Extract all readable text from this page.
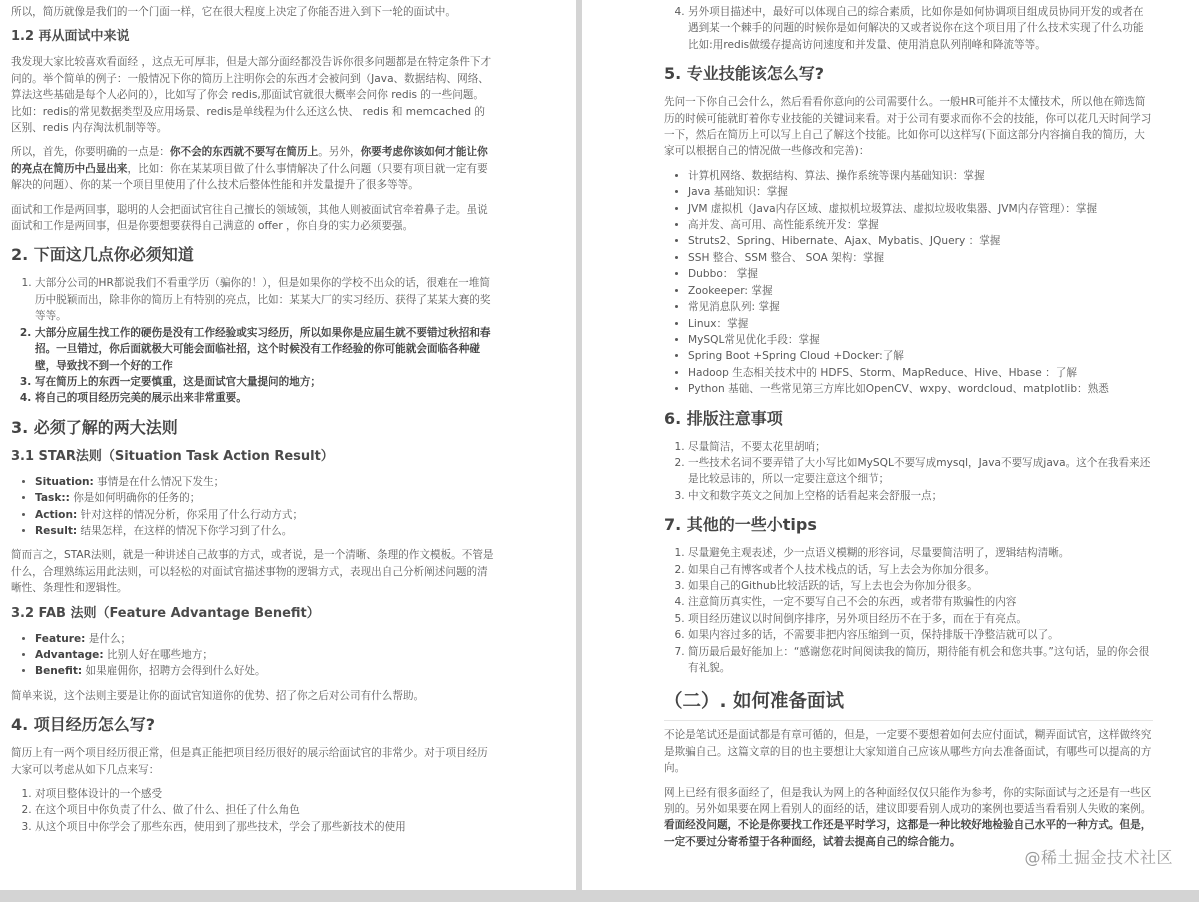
所以，简历就像是我们的一个门面一样，它在很大程度上决定了你能否进入到下一轮的面试中。

1.2 再从面试中来说

我发现大家比较喜欢看面经 ，这点无可厚非，但是大部分面经都没告诉你很多问题都是在特定条件下才问的。举个简单的例子：一般情况下你的简历上注明你会的东西才会被问到（Java、数据结构、网络、算法这些基础是每个人必问的），比如写了你会 redis,那面试官就很大概率会问你 redis 的一些问题。比如：redis的常见数据类型及应用场景、redis是单线程为什么还这么快、 redis 和 memcached 的区别、redis 内存淘汰机制等等。

所以，首先，你要明确的一点是：你不会的东西就不要写在简历上。另外，你要考虑你该如何才能让你的亮点在简历中凸显出来，比如：你在某某项目做了什么事情解决了什么问题（只要有项目就一定有要解决的问题）、你的某一个项目里使用了什么技术后整体性能和并发量提升了很多等等。

面试和工作是两回事，聪明的人会把面试官往自己擅长的领域领，其他人则被面试官牵着鼻子走。虽说面试和工作是两回事，但是你要想要获得自己满意的 offer ，你自身的实力必须要强。

2. 下面这几点你必须知道
1. 大部分公司的HR都说我们不看重学历（骗你的！），但是如果你的学校不出众的话，很难在一堆简历中脱颖而出，除非你的简历上有特别的亮点，比如：某某大厂的实习经历、获得了某某大赛的奖等等。
2. 大部分应届生找工作的硬伤是没有工作经验或实习经历，所以如果你是应届生就不要错过秋招和春招。一旦错过，你后面就极大可能会面临社招，这个时候没有工作经验的你可能就会面临各种碰壁，导致找不到一个好的工作
3. 写在简历上的东西一定要慎重，这是面试官大量提问的地方；
4. 将自己的项目经历完美的展示出来非常重要。
3. 必须了解的两大法则
3.1 STAR法则（Situation Task Action Result）
• Situation: 事情是在什么情况下发生；
• Task:: 你是如何明确你的任务的；
• Action: 针对这样的情况分析，你采用了什么行动方式；
• Result: 结果怎样，在这样的情况下你学习到了什么。

简而言之，STAR法则，就是一种讲述自己故事的方式，或者说，是一个清晰、条理的作文模板。不管是什么，合理熟练运用此法则，可以轻松的对面试官描述事物的逻辑方式，表现出自己分析阐述问题的清晰性、条理性和逻辑性。

3.2 FAB 法则（Feature Advantage Benefit）
• Feature: 是什么；
• Advantage: 比别人好在哪些地方；
• Benefit: 如果雇佣你，招聘方会得到什么好处。

简单来说，这个法则主要是让你的面试官知道你的优势、招了你之后对公司有什么帮助。

4. 项目经历怎么写?

简历上有一两个项目经历很正常，但是真正能把项目经历很好的展示给面试官的非常少。对于项目经历大家可以考虑从如下几点来写：

1. 对项目整体设计的一个感受
2. 在这个项目中你负责了什么、做了什么、担任了什么角色
3. 从这个项目中你学会了那些东西，使用到了那些技术，学会了那些新技术的使用
4. 另外项目描述中，最好可以体现自己的综合素质，比如你是如何协调项目组成员协同开发的或者在遇到某一个棘手的问题的时候你是如何解决的又或者说你在这个项目用了什么技术实现了什么功能比如:用redis做缓存提高访问速度和并发量、使用消息队列削峰和降流等等。
5. 专业技能该怎么写?

先问一下你自己会什么，然后看看你意向的公司需要什么。一般HR可能并不太懂技术，所以他在筛选简历的时候可能就盯着你专业技能的关键词来看。对于公司有要求而你不会的技能，你可以花几天时间学习一下，然后在简历上可以写上自己了解这个技能。比如你可以这样写(下面这部分内容摘自我的简历，大家可以根据自己的情况做一些修改和完善)：

• 计算机网络、数据结构、算法、操作系统等课内基础知识：掌握
• Java 基础知识：掌握
• JVM 虚拟机（Java内存区域、虚拟机垃圾算法、虚拟垃圾收集器、JVM内存管理）：掌握
• 高并发、高可用、高性能系统开发：掌握
• Struts2、Spring、Hibernate、Ajax、Mybatis、JQuery ：掌握
• SSH 整合、SSM 整合、 SOA 架构：掌握
• Dubbo： 掌握
• Zookeeper: 掌握
• 常见消息队列: 掌握
• Linux：掌握
• MySQL常见优化手段：掌握
• Spring Boot +Spring Cloud +Docker:了解
• Hadoop 生态相关技术中的 HDFS、Storm、MapReduce、Hive、Hbase ：了解
• Python 基础、一些常见第三方库比如OpenCV、wxpy、wordcloud、matplotlib：熟悉
6. 排版注意事项
1. 尽量简洁，不要太花里胡哨；
2. 一些技术名词不要弄错了大小写比如MySQL不要写成mysql，Java不要写成java。这个在我看来还是比较忌讳的，所以一定要注意这个细节；
3. 中文和数字英文之间加上空格的话看起来会舒服一点；
7. 其他的一些小tips
1. 尽量避免主观表述，少一点语义模糊的形容词，尽量要简洁明了，逻辑结构清晰。
2. 如果自己有博客或者个人技术栈点的话，写上去会为你加分很多。
3. 如果自己的Github比较活跃的话，写上去也会为你加分很多。
4. 注意简历真实性，一定不要写自己不会的东西，或者带有欺骗性的内容
5. 项目经历建议以时间倒序排序，另外项目经历不在于多，而在于有亮点。
6. 如果内容过多的话，不需要非把内容压缩到一页，保持排版干净整洁就可以了。
7. 简历最后最好能加上：“感谢您花时间阅读我的简历，期待能有机会和您共事。”这句话，显的你会很有礼貌。
（二）. 如何准备面试

不论是笔试还是面试都是有章可循的，但是，一定要不要想着如何去应付面试，糊弄面试官，这样做终究是欺骗自己。这篇文章的目的也主要想让大家知道自己应该从哪些方向去准备面试，有哪些可以提高的方向。

网上已经有很多面经了，但是我认为网上的各种面经仅仅只能作为参考，你的实际面试与之还是有一些区别的。另外如果要在网上看别人的面经的话，建议即要看别人成功的案例也要适当看看别人失败的案例。看面经没问题，不论是你要找工作还是平时学习，这都是一种比较好地检验自己水平的一种方式。但是，一定不要过分寄希望于各种面经，试着去提高自己的综合能力。

@稀土掘金技术社区
